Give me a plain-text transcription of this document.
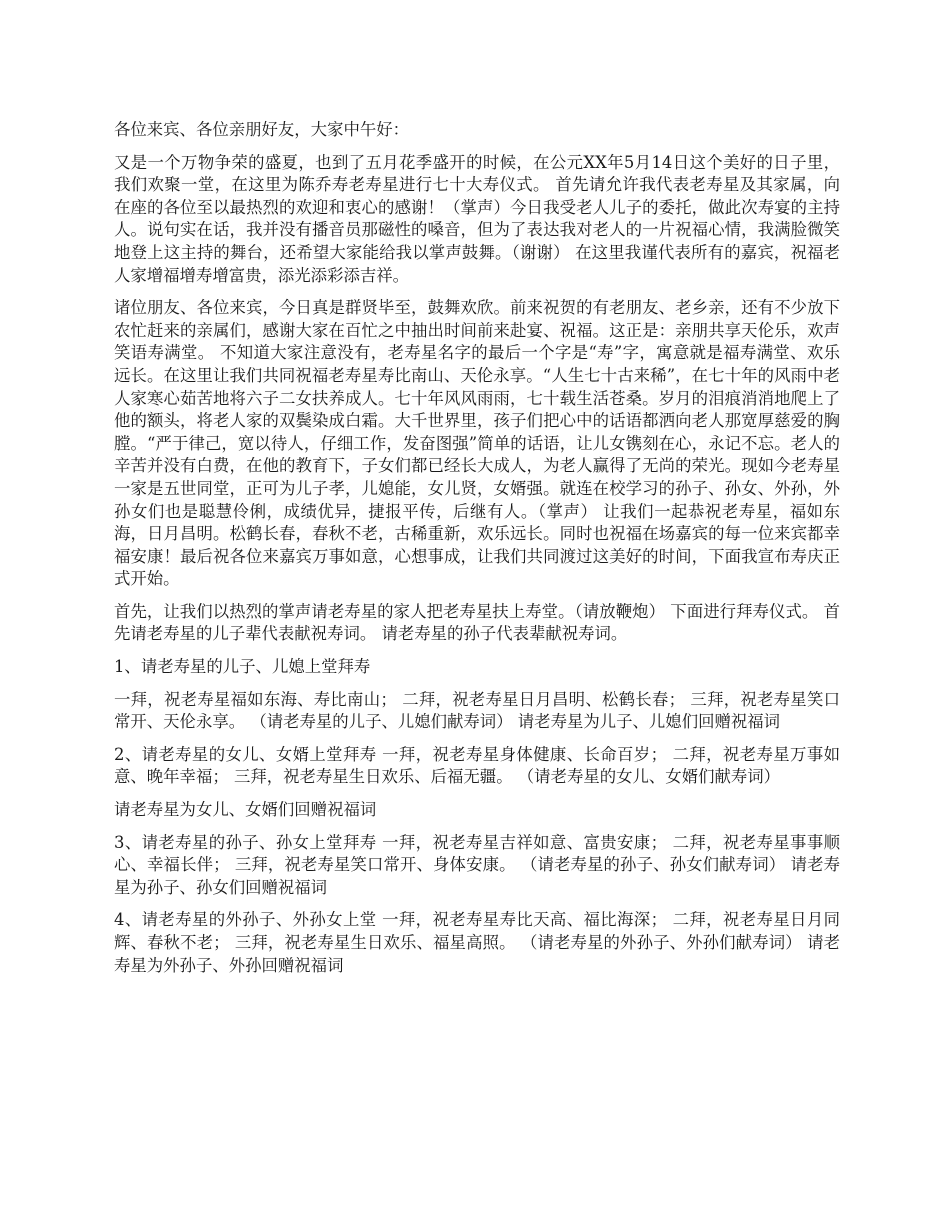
各位来宾、各位亲朋好友，大家中午好：

又是一个万物争荣的盛夏，也到了五月花季盛开的时候，在公元XX年5月14日这个美好的日子里，我们欢聚一堂，在这里为陈乔寿老寿星进行七十大寿仪式。 首先请允许我代表老寿星及其家属，向在座的各位至以最热烈的欢迎和衷心的感谢！（掌声）今日我受老人儿子的委托，做此次寿宴的主持人。说句实在话，我并没有播音员那磁性的嗓音，但为了表达我对老人的一片祝福心情，我满脸微笑地登上这主持的舞台，还希望大家能给我以掌声鼓舞。（谢谢） 在这里我谨代表所有的嘉宾，祝福老人家增福增寿增富贵，添光添彩添吉祥。

诸位朋友、各位来宾，今日真是群贤毕至，鼓舞欢欣。前来祝贺的有老朋友、老乡亲，还有不少放下农忙赶来的亲属们，感谢大家在百忙之中抽出时间前来赴宴、祝福。这正是：亲朋共享天伦乐，欢声笑语寿满堂。 不知道大家注意没有，老寿星名字的最后一个字是“寿”字，寓意就是福寿满堂、欢乐远长。在这里让我们共同祝福老寿星寿比南山、天伦永享。“人生七十古来稀”，在七十年的风雨中老人家寒心茹苦地将六子二女扶养成人。七十年风风雨雨，七十载生活苍桑。岁月的泪痕消消地爬上了他的额头，将老人家的双鬓染成白霜。大千世界里，孩子们把心中的话语都洒向老人那宽厚慈爱的胸膛。“严于律己，宽以待人，仔细工作，发奋图强”简单的话语，让儿女镌刻在心，永记不忘。老人的辛苦并没有白费，在他的教育下，子女们都已经长大成人，为老人赢得了无尚的荣光。现如今老寿星一家是五世同堂，正可为儿子孝，儿媳能，女儿贤，女婿强。就连在校学习的孙子、孙女、外孙，外孙女们也是聪慧伶俐，成绩优异，捷报平传，后继有人。（掌声） 让我们一起恭祝老寿星，福如东海，日月昌明。松鹤长春，春秋不老，古稀重新，欢乐远长。同时也祝福在场嘉宾的每一位来宾都幸福安康！最后祝各位来嘉宾万事如意，心想事成，让我们共同渡过这美好的时间，下面我宣布寿庆正式开始。

首先，让我们以热烈的掌声请老寿星的家人把老寿星扶上寿堂。（请放鞭炮） 下面进行拜寿仪式。 首先请老寿星的儿子辈代表献祝寿词。 请老寿星的孙子代表辈献祝寿词。

1、请老寿星的儿子、儿媳上堂拜寿

一拜，祝老寿星福如东海、寿比南山； 二拜，祝老寿星日月昌明、松鹤长春； 三拜，祝老寿星笑口常开、天伦永享。 （请老寿星的儿子、儿媳们献寿词） 请老寿星为儿子、儿媳们回赠祝福词

2、请老寿星的女儿、女婿上堂拜寿 一拜，祝老寿星身体健康、长命百岁； 二拜，祝老寿星万事如意、晚年幸福； 三拜，祝老寿星生日欢乐、后福无疆。 （请老寿星的女儿、女婿们献寿词）

请老寿星为女儿、女婿们回赠祝福词

3、请老寿星的孙子、孙女上堂拜寿 一拜，祝老寿星吉祥如意、富贵安康； 二拜，祝老寿星事事顺心、幸福长伴； 三拜，祝老寿星笑口常开、身体安康。 （请老寿星的孙子、孙女们献寿词） 请老寿星为孙子、孙女们回赠祝福词

4、请老寿星的外孙子、外孙女上堂 一拜，祝老寿星寿比天高、福比海深； 二拜，祝老寿星日月同辉、春秋不老； 三拜，祝老寿星生日欢乐、福星高照。 （请老寿星的外孙子、外孙们献寿词） 请老寿星为外孙子、外孙回赠祝福词
